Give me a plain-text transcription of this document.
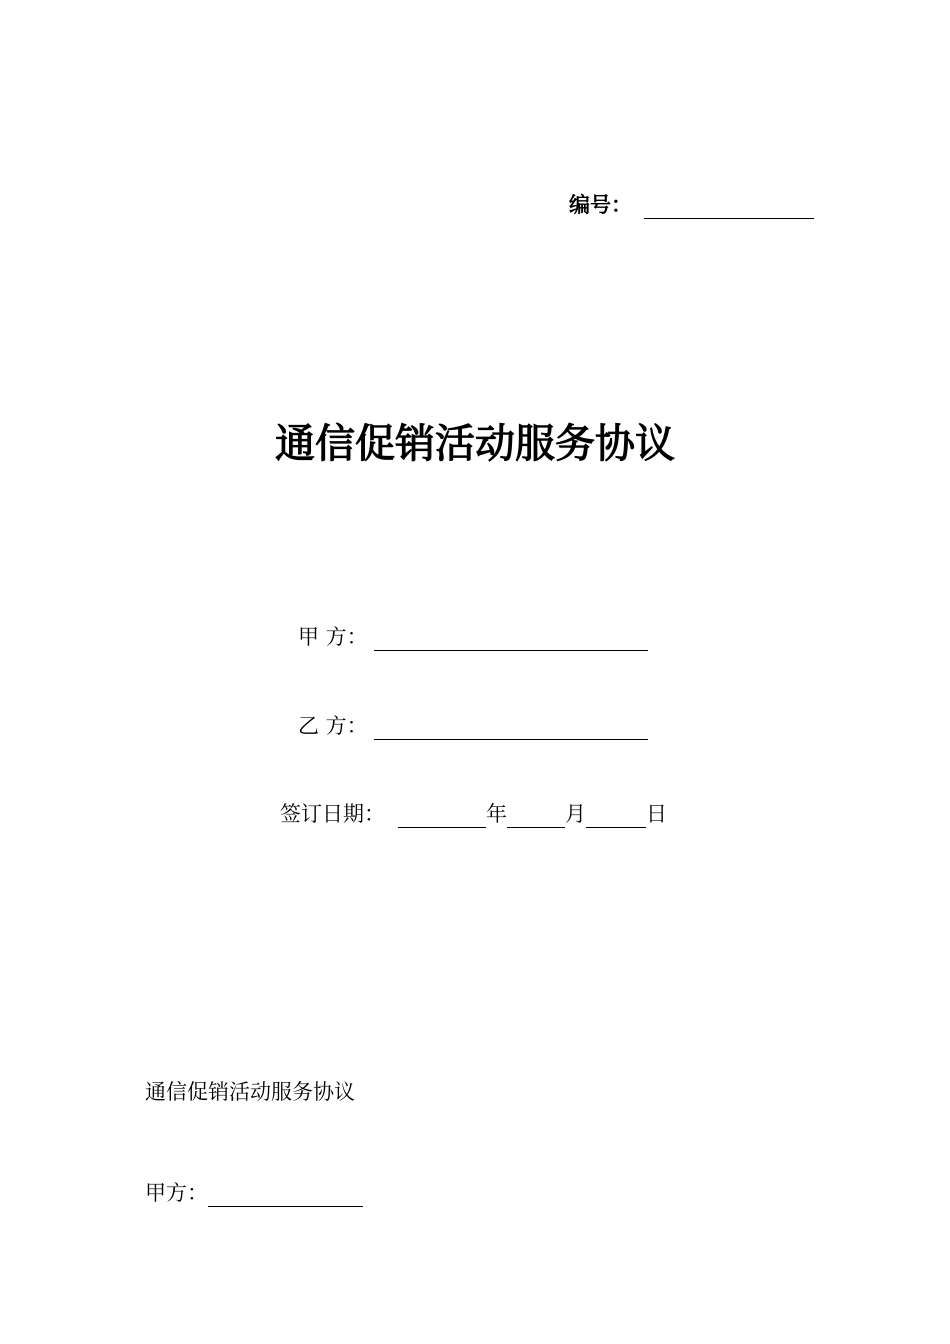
编号：
通信促销活动服务协议
甲 方：
乙 方：
签订日期：	年	月	日
通信促销活动服务协议
甲方：
